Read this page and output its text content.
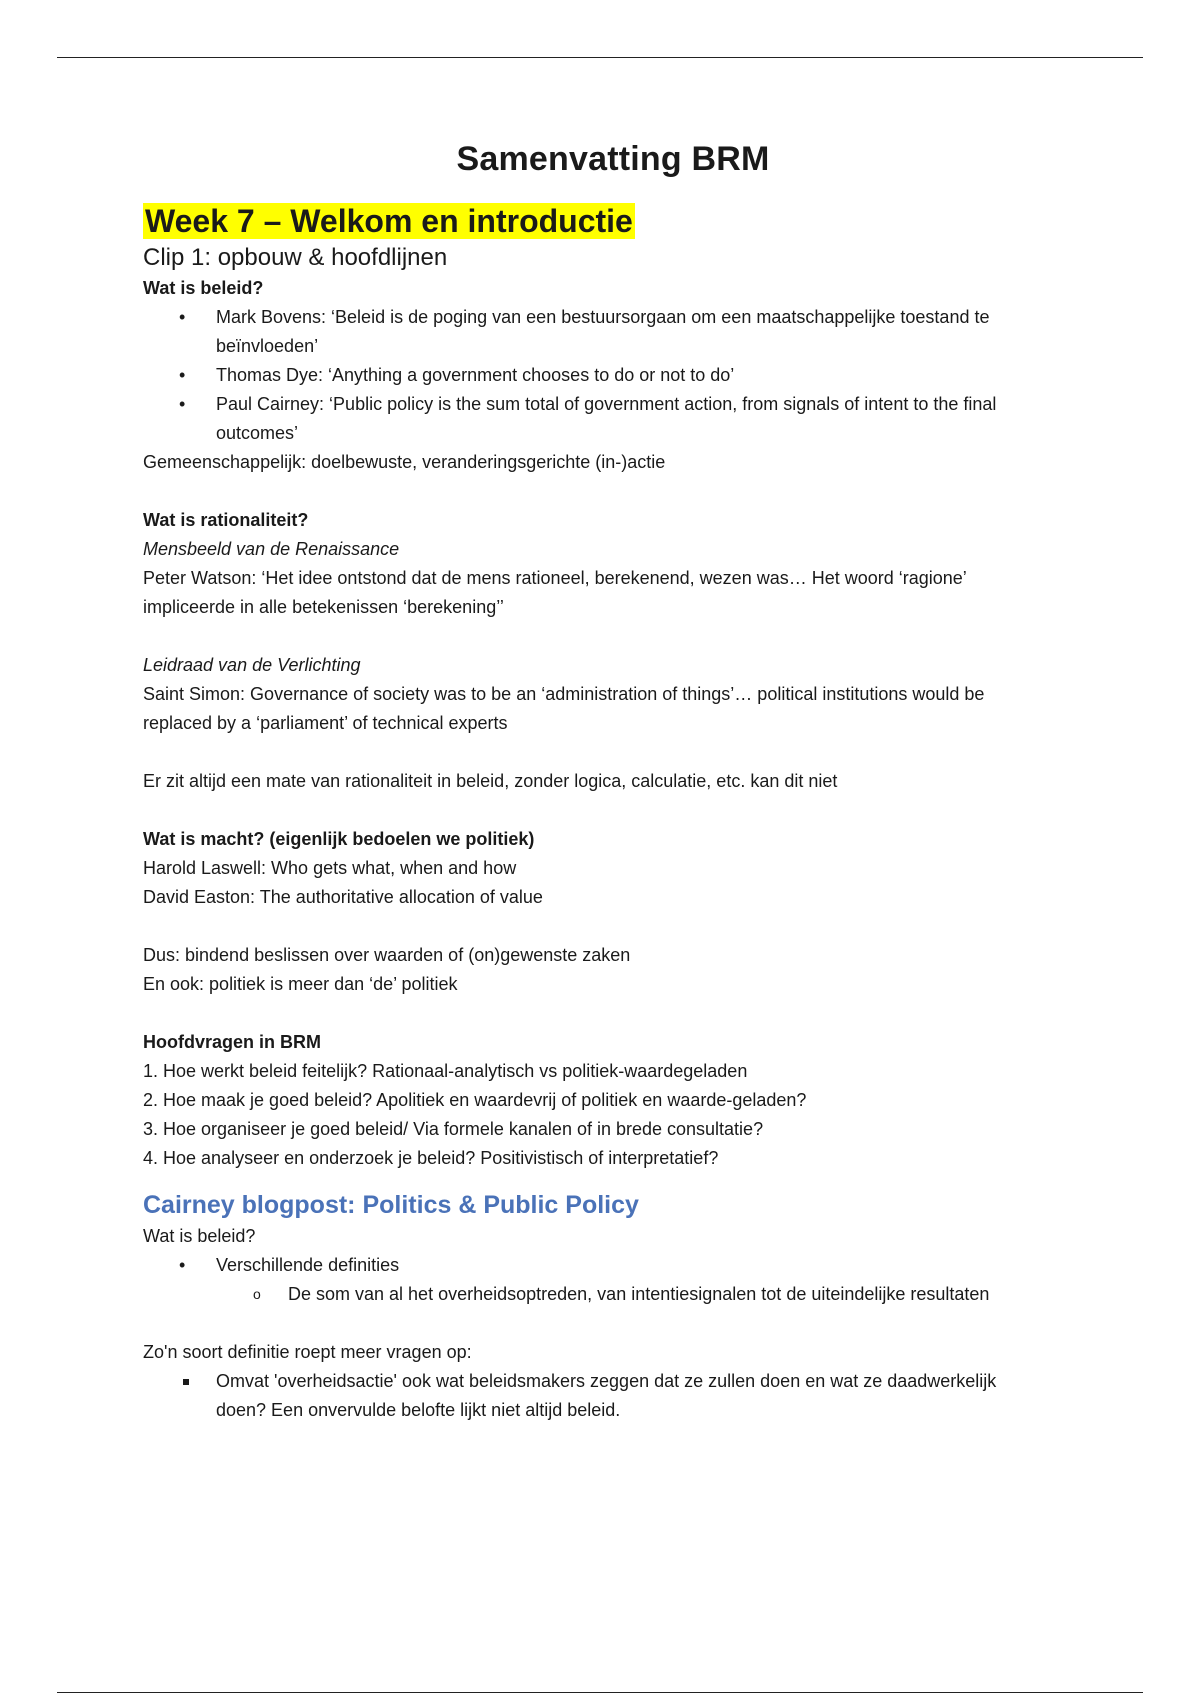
Samenvatting BRM
Week 7 – Welkom en introductie
Clip 1: opbouw & hoofdlijnen

Wat is beleid?

• Mark Bovens: ‘Beleid is de poging van een bestuursorgaan om een maatschappelijke toestand te beïnvloeden’
• Thomas Dye: ‘Anything a government chooses to do or not to do’
• Paul Cairney: ‘Public policy is the sum total of government action, from signals of intent to the final outcomes’

Gemeenschappelijk: doelbewuste, veranderingsgerichte (in-)actie

Wat is rationaliteit?

Mensbeeld van de Renaissance

Peter Watson: ‘Het idee ontstond dat de mens rationeel, berekenend, wezen was… Het woord ‘ragione’ impliceerde in alle betekenissen ‘berekening’’

Leidraad van de Verlichting

Saint Simon: Governance of society was to be an ‘administration of things’… political institutions would be replaced by a ‘parliament’ of technical experts

Er zit altijd een mate van rationaliteit in beleid, zonder logica, calculatie, etc. kan dit niet

Wat is macht? (eigenlijk bedoelen we politiek)

Harold Laswell: Who gets what, when and how

David Easton: The authoritative allocation of value

Dus: bindend beslissen over waarden of (on)gewenste zaken

En ook: politiek is meer dan ‘de’ politiek

Hoofdvragen in BRM

1. Hoe werkt beleid feitelijk? Rationaal-analytisch vs politiek-waardegeladen

2. Hoe maak je goed beleid? Apolitiek en waardevrij of politiek en waarde-geladen?

3. Hoe organiseer je goed beleid/ Via formele kanalen of in brede consultatie?

4. Hoe analyseer en onderzoek je beleid? Positivistisch of interpretatief?

Cairney blogpost: Politics & Public Policy

Wat is beleid?

• Verschillende definities
o De som van al het overheidsoptreden, van intentiesignalen tot de uiteindelijke resultaten

Zo'n soort definitie roept meer vragen op:

Omvat 'overheidsactie' ook wat beleidsmakers zeggen dat ze zullen doen en wat ze daadwerkelijk doen? Een onvervulde belofte lijkt niet altijd beleid.
